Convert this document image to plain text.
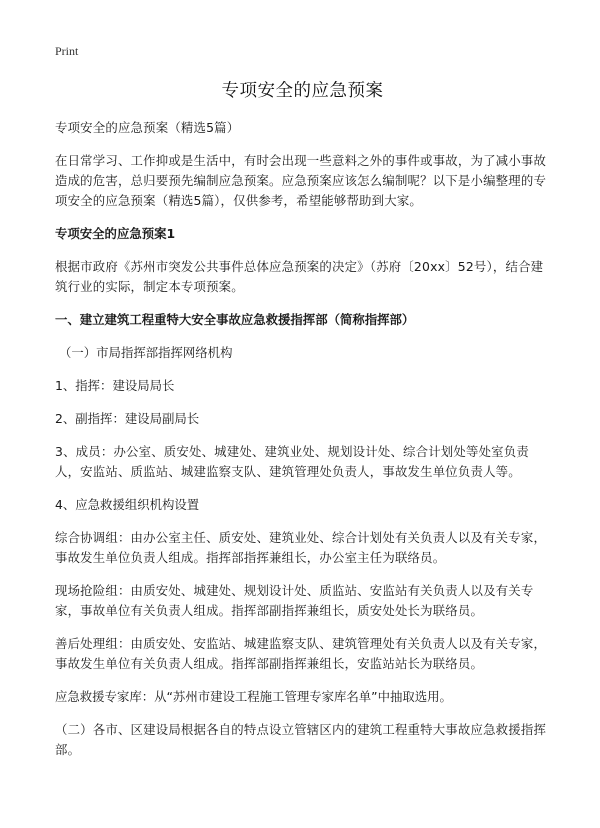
Print
专项安全的应急预案

专项安全的应急预案（精选5篇）

在日常学习、工作抑或是生活中，有时会出现一些意料之外的事件或事故，为了减小事故造成的危害，总归要预先编制应急预案。应急预案应该怎么编制呢？以下是小编整理的专项安全的应急预案（精选5篇），仅供参考，希望能够帮助到大家。

专项安全的应急预案1

根据市政府《苏州市突发公共事件总体应急预案的决定》（苏府〔20xx〕52号），结合建筑行业的实际，制定本专项预案。

一、建立建筑工程重特大安全事故应急救援指挥部（简称指挥部）

（一）市局指挥部指挥网络机构

1、指挥：建设局局长

2、副指挥：建设局副局长

3、成员：办公室、质安处、城建处、建筑业处、规划设计处、综合计划处等处室负责人，安监站、质监站、城建监察支队、建筑管理处负责人，事故发生单位负责人等。

4、应急救援组织机构设置

综合协调组：由办公室主任、质安处、建筑业处、综合计划处有关负责人以及有关专家，事故发生单位负责人组成。指挥部指挥兼组长，办公室主任为联络员。

现场抢险组：由质安处、城建处、规划设计处、质监站、安监站有关负责人以及有关专家，事故单位有关负责人组成。指挥部副指挥兼组长，质安处处长为联络员。

善后处理组：由质安处、安监站、城建监察支队、建筑管理处有关负责人以及有关专家，事故发生单位有关负责人组成。指挥部副指挥兼组长，安监站站长为联络员。

应急救援专家库：从“苏州市建设工程施工管理专家库名单”中抽取选用。

（二）各市、区建设局根据各自的特点设立管辖区内的建筑工程重特大事故应急救援指挥部。
